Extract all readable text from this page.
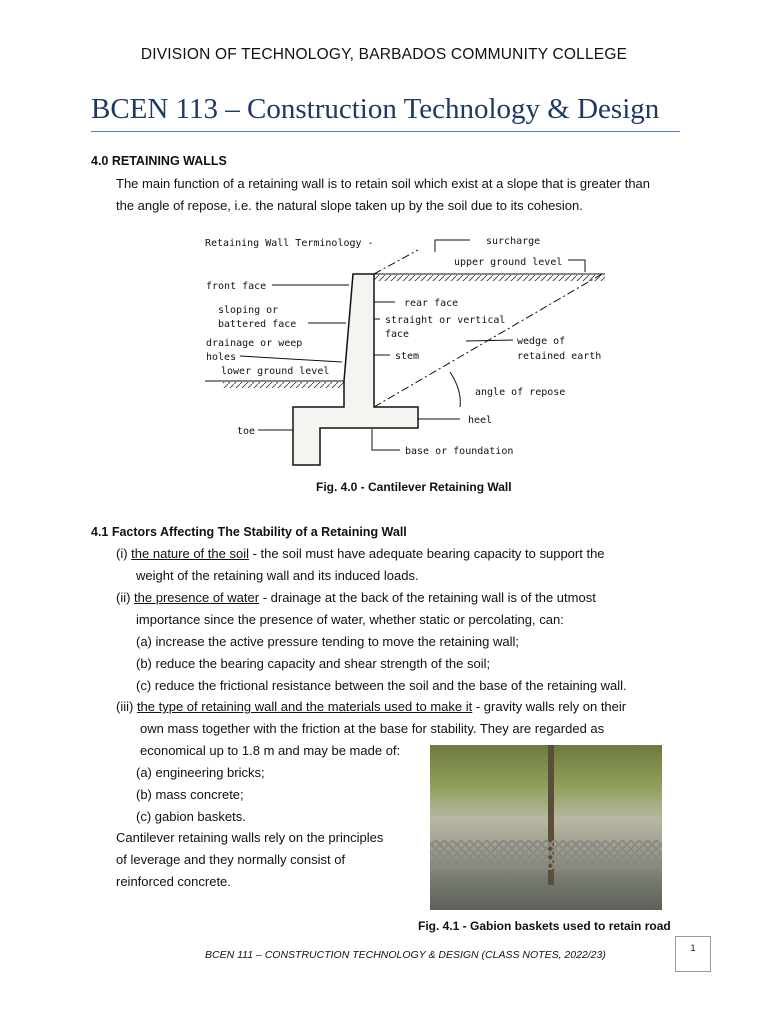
DIVISION OF TECHNOLOGY, BARBADOS COMMUNITY COLLEGE
BCEN 113 – Construction Technology & Design
4.0 RETAINING WALLS
The main function of a retaining wall is to retain soil which exist at a slope that is greater than
the angle of repose, i.e. the natural slope taken up by the soil due to its cohesion.
Retaining Wall Terminology -	surcharge
upper ground level
front face
rear face
sloping or
battered face	straight or vertical
face
drainage or weep
holes
wedge of
retained earth
stem
lower ground level
angle of repose
heel
toe
base or foundation
Fig. 4.0 - Cantilever Retaining Wall
4.1 Factors Affecting The Stability of a Retaining Wall
(i) the nature of the soil - the soil must have adequate bearing capacity to support the
weight of the retaining wall and its induced loads.
(ii) the presence of water - drainage at the back of the retaining wall is of the utmost
importance since the presence of water, whether static or percolating, can:
(a) increase the active pressure tending to move the retaining wall;
(b) reduce the bearing capacity and shear strength of the soil;
(c) reduce the frictional resistance between the soil and the base of the retaining wall.
(iii) the type of retaining wall and the materials used to make it - gravity walls rely on their
own mass together with the friction at the base for stability. They are regarded as
economical up to 1.8 m and may be made of:
(a) engineering bricks;
(b) mass concrete;
(c) gabion baskets.
Cantilever retaining walls rely on the principles
of leverage and they normally consist of
reinforced concrete.
Fig. 4.1 - Gabion baskets used to retain road
BCEN 111 – CONSTRUCTION TECHNOLOGY & DESIGN (CLASS NOTES, 2022/23)
1
